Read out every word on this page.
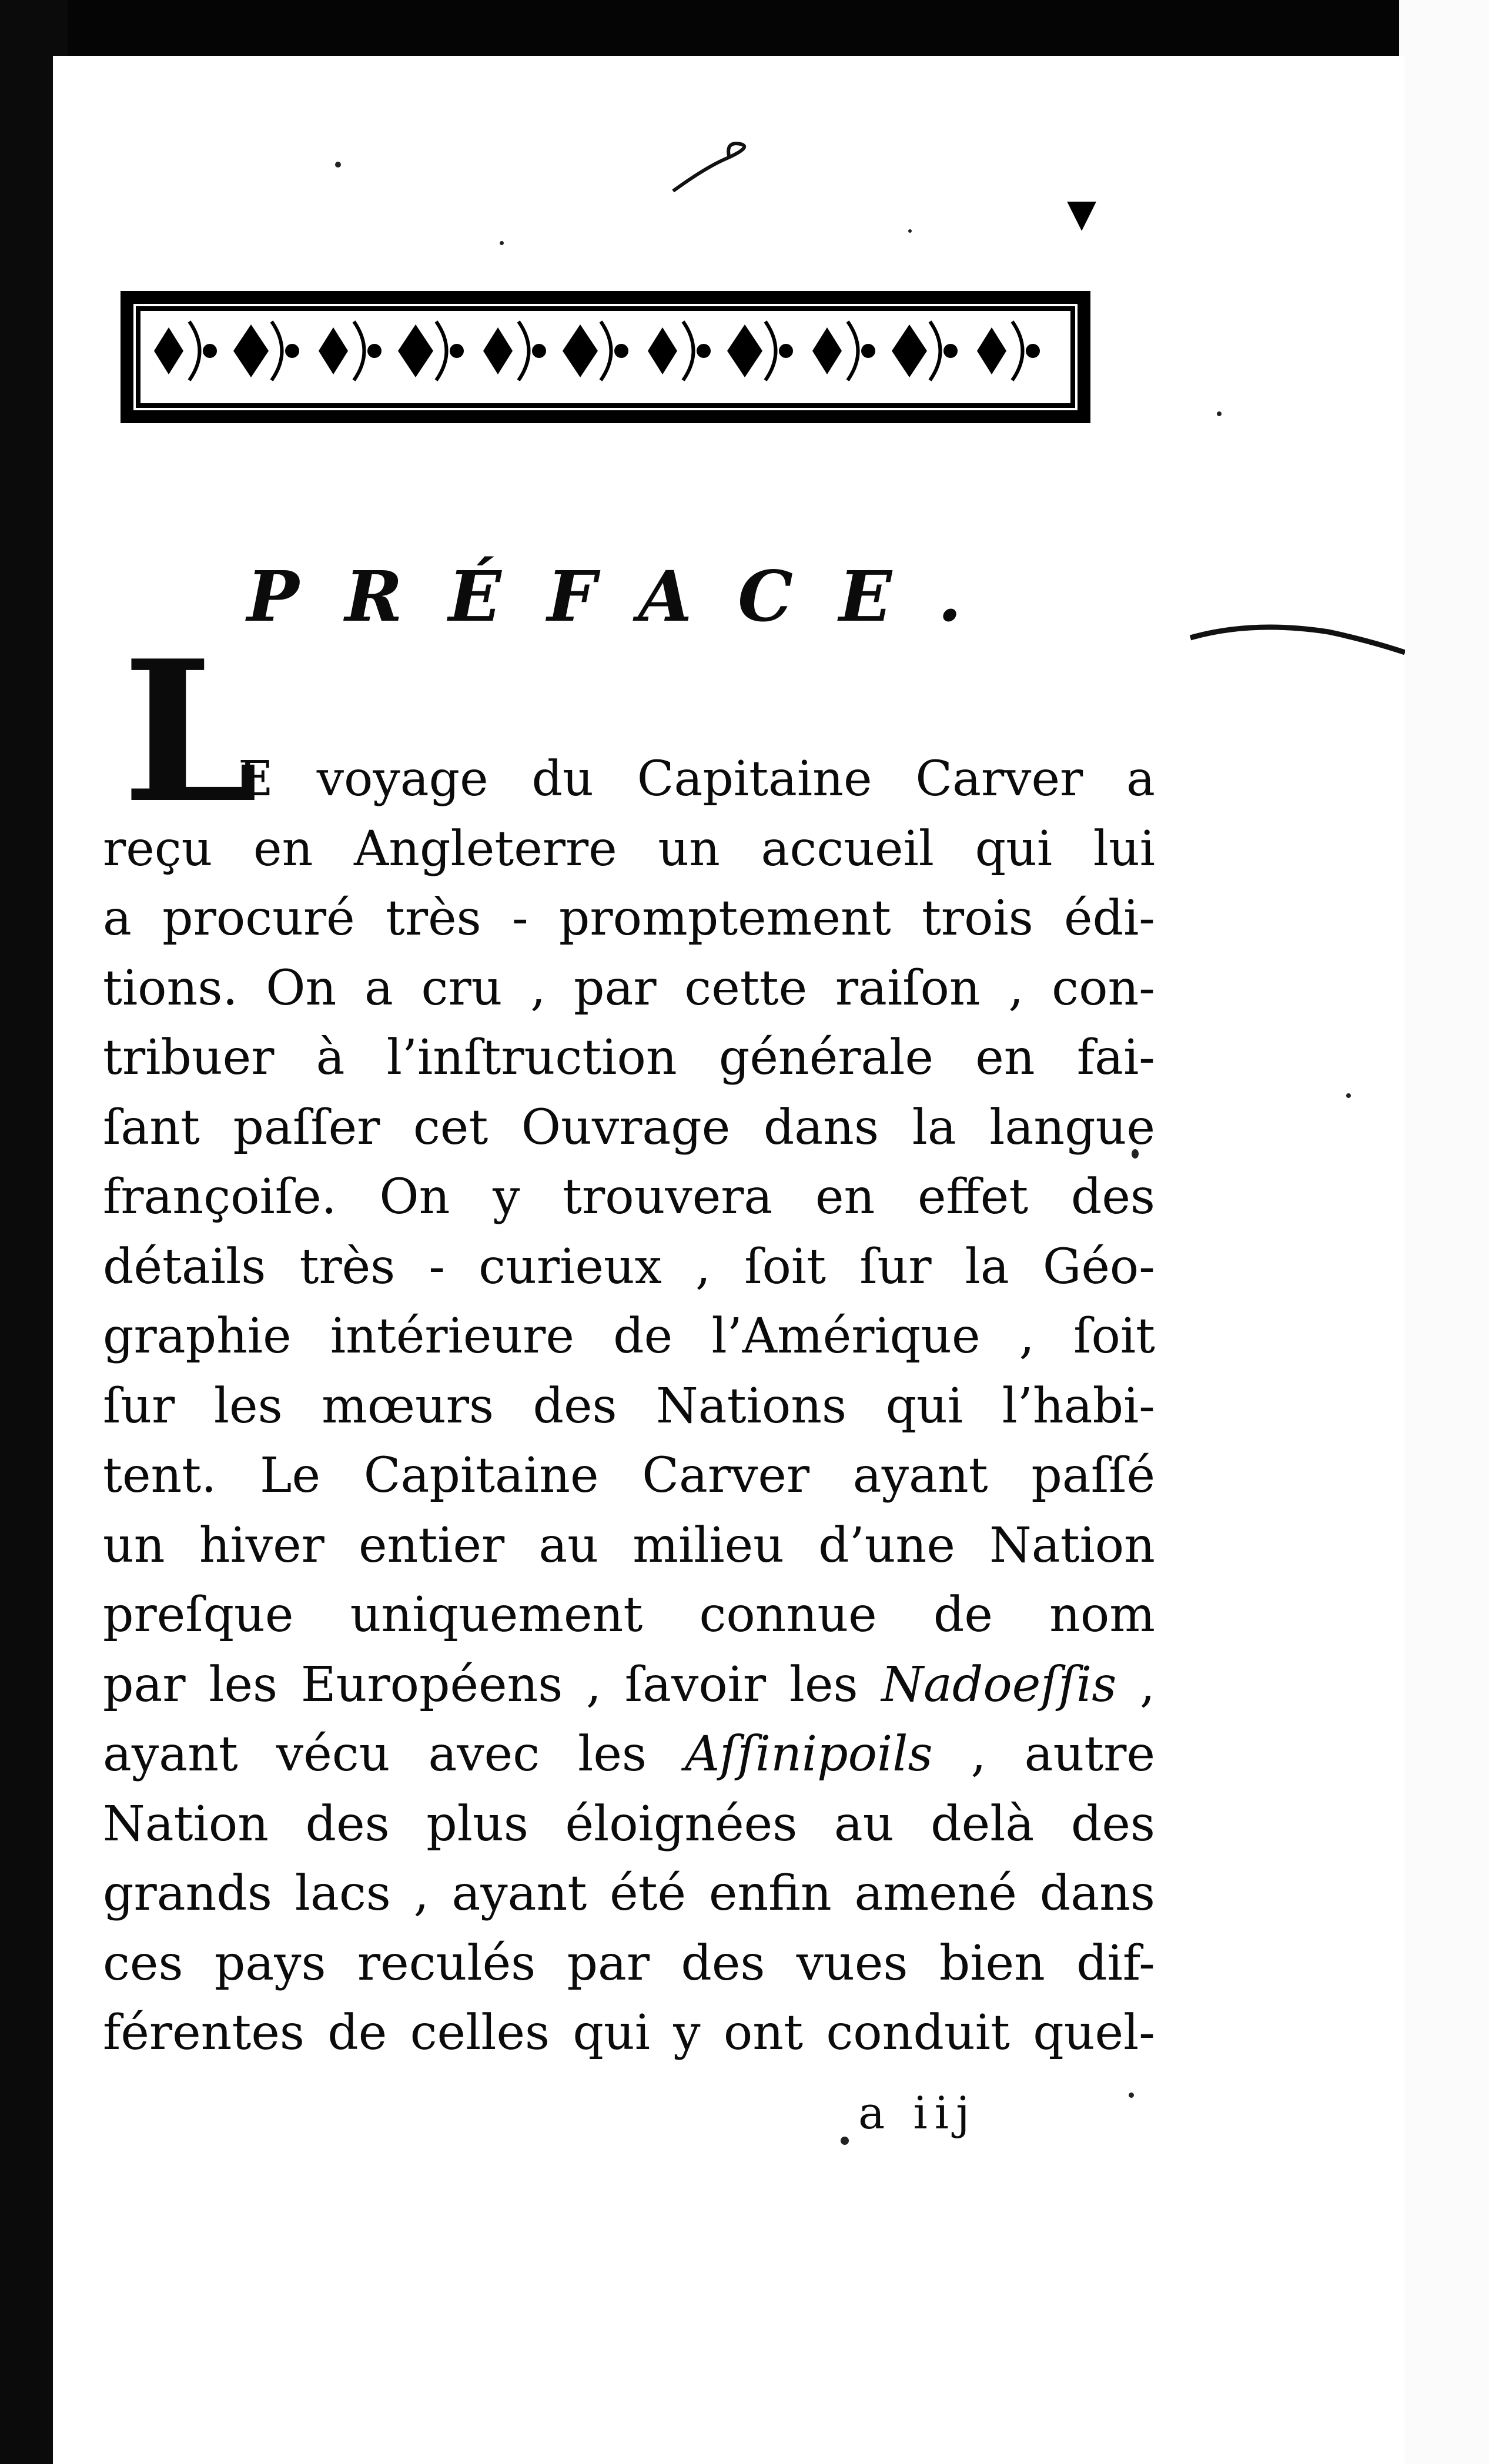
▾
PRÉFACE.
L
E voyage du Capitaine Carver a
reçu en Angleterre un accueil qui lui
a procuré très - promptement trois édi-
tions. On a cru , par cette raiſon , con-
tribuer à l’inſtruction générale en fai-
ſant paſſer cet Ouvrage dans la langue
françoiſe. On y trouvera en effet des
détails très - curieux , ſoit ſur la Géo-
graphie intérieure de l’Amérique , ſoit
ſur les mœurs des Nations qui l’habi-
tent. Le Capitaine Carver ayant paſſé
un hiver entier au milieu d’une Nation
preſque uniquement connue de nom
par les Européens , ſavoir les Nadoeſſis ,
ayant vécu avec les Aſſinipoils , autre
Nation des plus éloignées au delà des
grands lacs , ayant été enfin amené dans
ces pays reculés par des vues bien dif-
férentes de celles qui y ont conduit quel-
a iij
